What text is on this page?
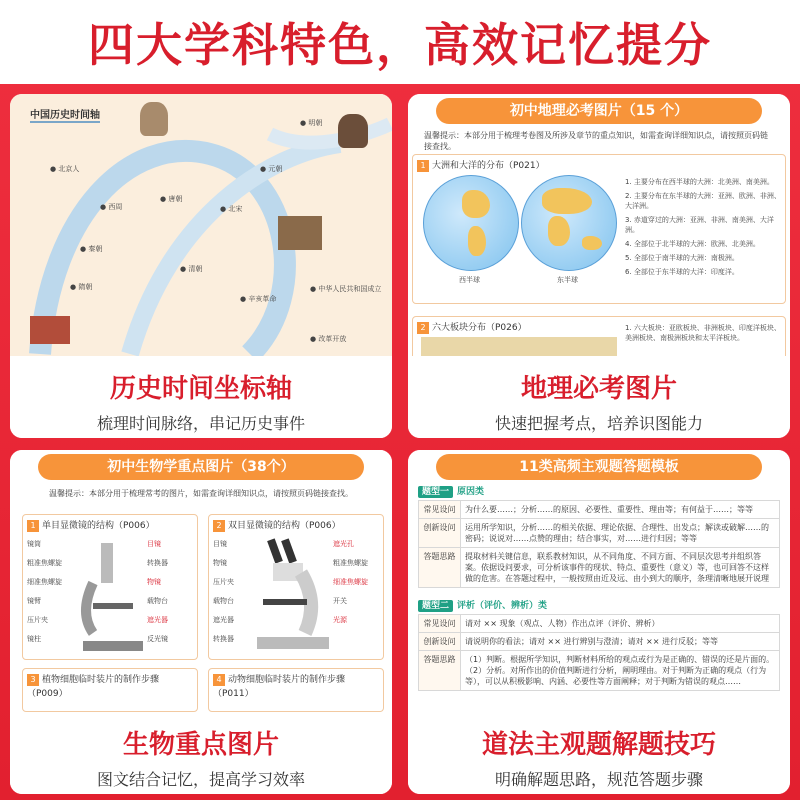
四大学科特色，高效记忆提分
中国历史时间轴
● 北京人
● 西周
● 秦朝
● 隋朝
● 唐朝
● 北宋
● 元朝
● 明朝
● 清朝
● 辛亥革命
● 中华人民共和国成立
● 改革开放
历史时间坐标轴
梳理时间脉络，串记历史事件
初中地理必考图片（15 个）
温馨提示：本部分用于梳理考卷图及所涉及章节的重点知识，如需查询详细知识点，请按照页码链接查找。
1 大洲和大洋的分布（P021）
西半球	东半球
1. 主要分布在西半球的大洲：北美洲、南美洲。
2. 主要分布在东半球的大洲：亚洲、欧洲、非洲、大洋洲。
3. 赤道穿过的大洲：亚洲、非洲、南美洲、大洋洲。
4. 全部位于北半球的大洲：欧洲、北美洲。
5. 全部位于南半球的大洲：南极洲。
6. 全部位于东半球的大洋：印度洋。
2 六大板块分布（P026）	1. 六大板块：亚欧板块、非洲板块、印度洋板块、美洲板块、南极洲板块和太平洋板块。
地理必考图片
快速把握考点，培养识图能力
初中生物学重点图片（38个）
温馨提示：本部分用于梳理常考的图片，如需查询详细知识点，请按照页码链接查找。
1 单目显微镜的结构（P006）
镜筒
粗准焦螺旋
细准焦螺旋
镜臂
压片夹
镜柱
目镜
转换器
物镜
载物台
遮光器
反光镜
2 双目显微镜的结构（P006）
目镜
物镜
压片夹
载物台
遮光器
转换器
遮光孔
粗准焦螺旋
细准焦螺旋
开关
光源
3 植物细胞临时装片的制作步骤（P009）
4 动物细胞临时装片的制作步骤（P011）
生物重点图片
图文结合记忆，提高学习效率
11类高频主观题答题模板
题型一 原因类
常见设问	为什么要……；分析……的原因、必要性、重要性、理由等；有何益于……；等等
创新设问	运用所学知识，分析……的相关依据、理论依据、合理性、出发点；解读或破解……的密码；说说对……点赞的理由；结合事实，对……进行归因；等等
答题思路	提取材料关键信息，联系教材知识，从不同角度、不同方面、不同层次思考并组织答案。依据设问要求，可分析该事件的现状、特点、重要性（意义）等，也可回答不这样做的危害。在答题过程中，一般按照由近及远、由小到大的顺序，条理清晰地展开说理
题型二 评析（评价、辨析）类
常见设问	请对 ×× 现象（观点、人物）作出点评（评价、辨析）
创新设问	请说明你的看法；请对 ×× 进行辨别与澄清；请对 ×× 进行反驳；等等
答题思路	（1）判断。根据所学知识，判断材料所给的观点或行为是正确的、错误的还是片面的。（2）分析。对所作出的价值判断进行分析，阐明理由。对于判断为正确的观点（行为等），可以从积极影响、内涵、必要性等方面阐释；对于判断为错误的观点……
道法主观题解题技巧
明确解题思路，规范答题步骤
